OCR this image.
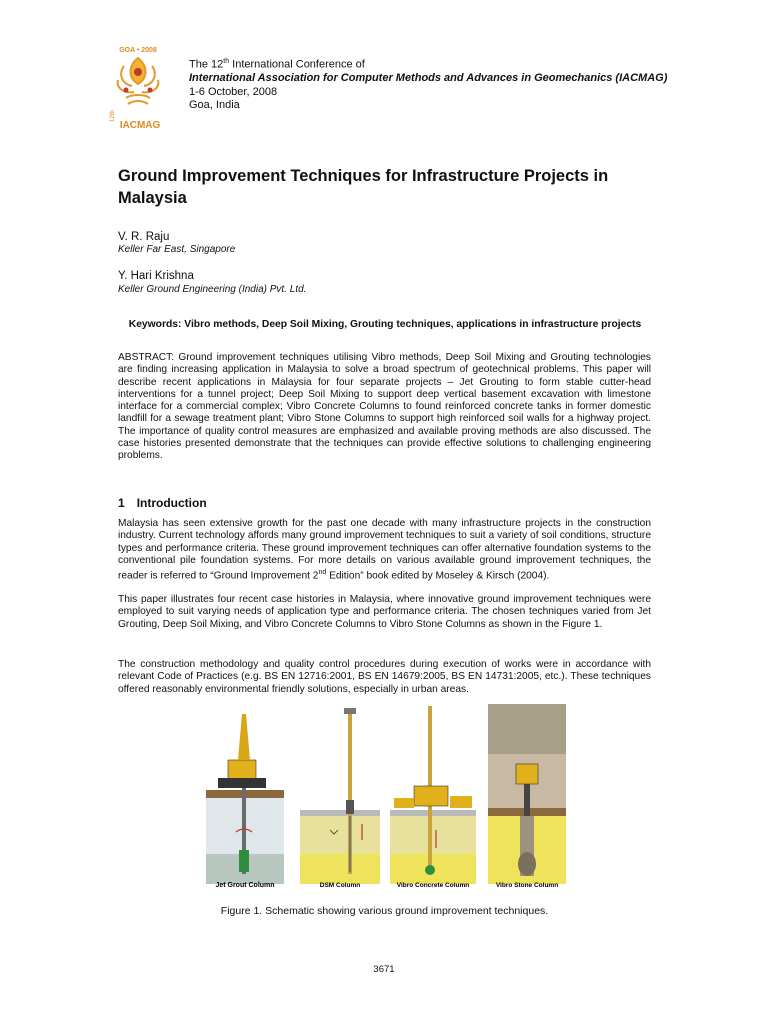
GOA • 2008
12th
IACMAG
The 12th International Conference of
International Association for Computer Methods and Advances in Geomechanics (IACMAG)
1-6 October, 2008
Goa, India
Ground Improvement Techniques for Infrastructure Projects in Malaysia
V. R. Raju
Keller Far East, Singapore
Y. Hari Krishna
Keller Ground Engineering (India) Pvt. Ltd.
Keywords: Vibro methods, Deep Soil Mixing, Grouting techniques, applications in infrastructure projects
ABSTRACT: Ground improvement techniques utilising Vibro methods, Deep Soil Mixing and Grouting technologies are finding increasing application in Malaysia to solve a broad spectrum of geotechnical problems. This paper will describe recent applications in Malaysia for four separate projects – Jet Grouting to form stable cutter-head interventions for a tunnel project; Deep Soil Mixing to support deep vertical basement excavation with limestone interface for a commercial complex; Vibro Concrete Columns to found reinforced concrete tanks in former domestic landfill for a sewage treatment plant; Vibro Stone Columns to support high reinforced soil walls for a highway project. The importance of quality control measures are emphasized and available proving methods are also discussed. The case histories presented demonstrate that the techniques can provide effective solutions to challenging engineering problems.
1 Introduction
Malaysia has seen extensive growth for the past one decade with many infrastructure projects in the construction industry. Current technology affords many ground improvement techniques to suit a variety of soil conditions, structure types and performance criteria. These ground improvement techniques can offer alternative foundation systems to the conventional pile foundation systems. For more details on various available ground improvement techniques, the reader is referred to “Ground Improvement 2nd Edition” book edited by Moseley & Kirsch (2004).
This paper illustrates four recent case histories in Malaysia, where innovative ground improvement techniques were employed to suit varying needs of application type and performance criteria. The chosen techniques varied from Jet Grouting, Deep Soil Mixing, and Vibro Concrete Columns to Vibro Stone Columns as shown in the Figure 1.
The construction methodology and quality control procedures during execution of works were in accordance with relevant Code of Practices (e.g. BS EN 12716:2001, BS EN 14679:2005, BS EN 14731:2005, etc.). These techniques offered reasonably environmental friendly solutions, especially in urban areas.
Jet Grout Column	DSM Column	Vibro Concrete Column	Vibro Stone Column
Figure 1. Schematic showing various ground improvement techniques.
3671
